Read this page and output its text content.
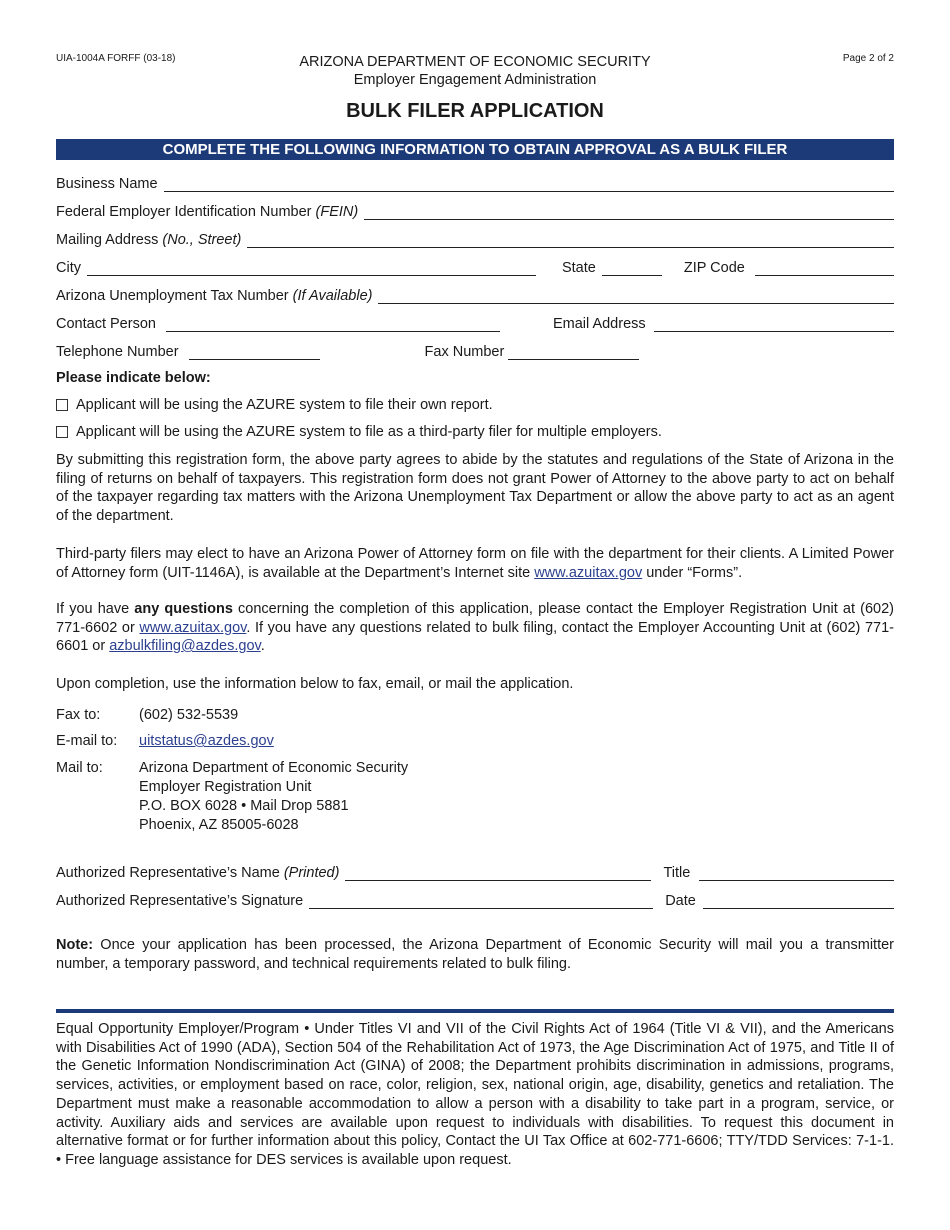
UIA-1004A FORFF (03-18)	Page 2 of 2
ARIZONA DEPARTMENT OF ECONOMIC SECURITY
Employer Engagement Administration
BULK FILER APPLICATION
COMPLETE THE FOLLOWING INFORMATION TO OBTAIN APPROVAL AS A BULK FILER
Business Name
Federal Employer Identification Number (FEIN)
Mailing Address (No., Street)
City	State	ZIP Code
Arizona Unemployment Tax Number (If Available)
Contact Person	Email Address
Telephone Number	Fax Number
Please indicate below:
Applicant will be using the AZURE system to file their own report.
Applicant will be using the AZURE system to file as a third-party filer for multiple employers.
By submitting this registration form, the above party agrees to abide by the statutes and regulations of the State of Arizona in the filing of returns on behalf of taxpayers. This registration form does not grant Power of Attorney to the above party to act on behalf of the taxpayer regarding tax matters with the Arizona Unemployment Tax Department or allow the above party to act as an agent of the department.
Third-party filers may elect to have an Arizona Power of Attorney form on file with the department for their clients. A Limited Power of Attorney form (UIT-1146A), is available at the Department’s Internet site www.azuitax.gov under “Forms”.
If you have any questions concerning the completion of this application, please contact the Employer Registration Unit at (602) 771-6602 or www.azuitax.gov. If you have any questions related to bulk filing, contact the Employer Accounting Unit at (602) 771-6601 or azbulkfiling@azdes.gov.
Upon completion, use the information below to fax, email, or mail the application.
Fax to:	(602) 532-5539
E-mail to: uitstatus@azdes.gov
Mail to:	Arizona Department of Economic Security
Employer Registration Unit
P.O. BOX 6028 • Mail Drop 5881
Phoenix, AZ 85005-6028
Authorized Representative’s Name (Printed)	Title
Authorized Representative’s Signature	Date
Note: Once your application has been processed, the Arizona Department of Economic Security will mail you a transmitter number, a temporary password, and technical requirements related to bulk filing.
Equal Opportunity Employer/Program • Under Titles VI and VII of the Civil Rights Act of 1964 (Title VI & VII), and the Americans with Disabilities Act of 1990 (ADA), Section 504 of the Rehabilitation Act of 1973, the Age Discrimination Act of 1975, and Title II of the Genetic Information Nondiscrimination Act (GINA) of 2008; the Department prohibits discrimination in admissions, programs, services, activities, or employment based on race, color, religion, sex, national origin, age, disability, genetics and retaliation. The Department must make a reasonable accommodation to allow a person with a disability to take part in a program, service, or activity. Auxiliary aids and services are available upon request to individuals with disabilities. To request this document in alternative format or for further information about this policy, Contact the UI Tax Office at 602-771-6606; TTY/TDD Services: 7-1-1. • Free language assistance for DES services is available upon request.
